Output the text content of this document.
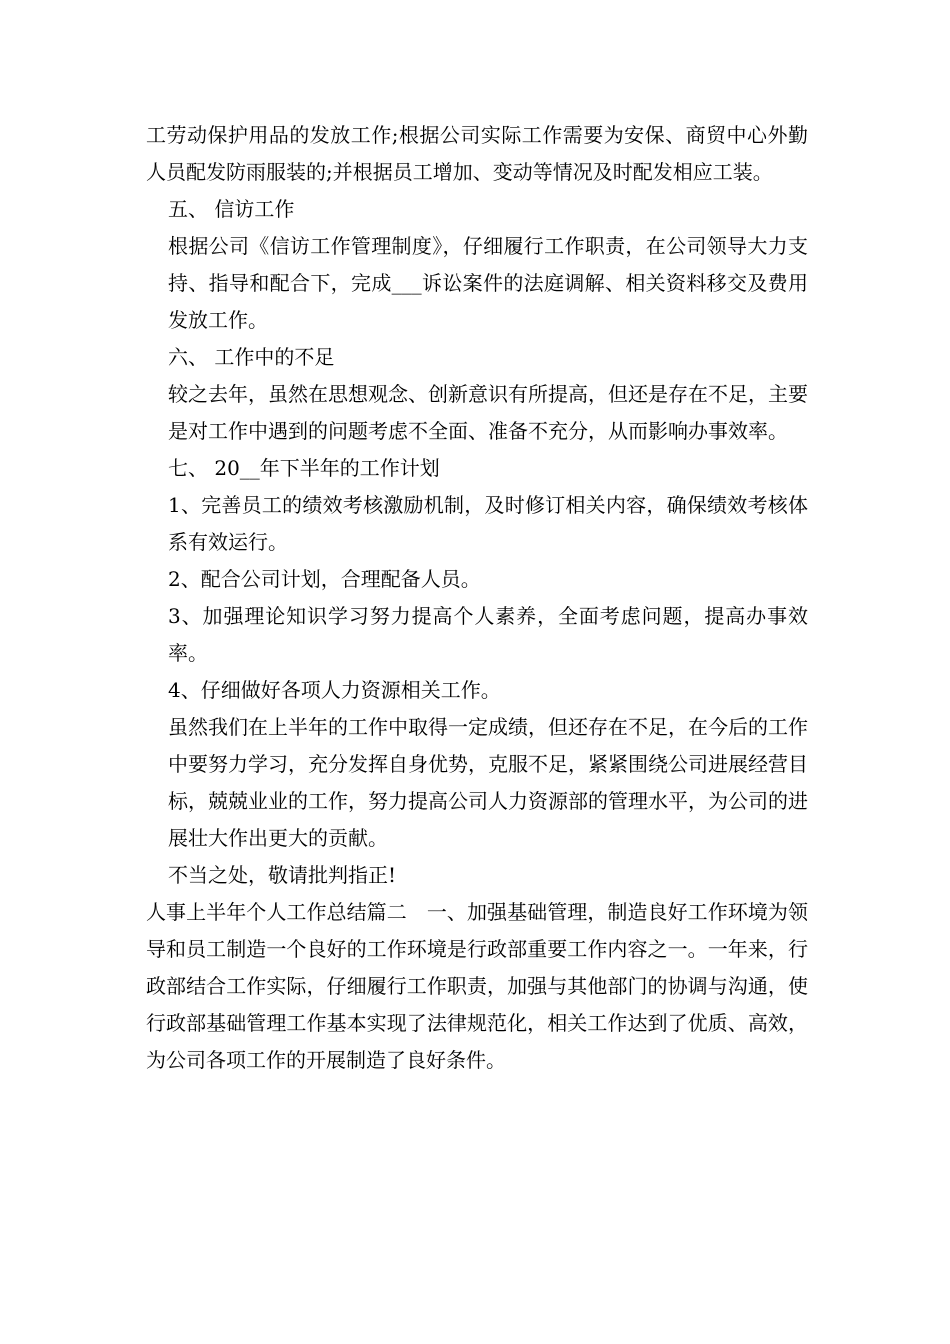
工劳动保护用品的发放工作;根据公司实际工作需要为安保、商贸中心外勤人员配发防雨服装的;并根据员工增加、变动等情况及时配发相应工装。

五、 信访工作

根据公司《信访工作管理制度》，仔细履行工作职责，在公司领导大力支持、指导和配合下，完成___诉讼案件的法庭调解、相关资料移交及费用发放工作。

六、 工作中的不足

较之去年，虽然在思想观念、创新意识有所提高，但还是存在不足，主要是对工作中遇到的问题考虑不全面、准备不充分，从而影响办事效率。

七、 20__年下半年的工作计划

1、完善员工的绩效考核激励机制，及时修订相关内容，确保绩效考核体系有效运行。

2、配合公司计划，合理配备人员。

3、加强理论知识学习努力提高个人素养，全面考虑问题，提高办事效率。

4、仔细做好各项人力资源相关工作。

虽然我们在上半年的工作中取得一定成绩，但还存在不足，在今后的工作中要努力学习，充分发挥自身优势，克服不足，紧紧围绕公司进展经营目标，兢兢业业的工作，努力提高公司人力资源部的管理水平，为公司的进展壮大作出更大的贡献。

不当之处，敬请批判指正!

人事上半年个人工作总结篇二　一、加强基础管理，制造良好工作环境为领导和员工制造一个良好的工作环境是行政部重要工作内容之一。一年来，行政部结合工作实际，仔细履行工作职责，加强与其他部门的协调与沟通，使行政部基础管理工作基本实现了法律规范化，相关工作达到了优质、高效，为公司各项工作的开展制造了良好条件。
